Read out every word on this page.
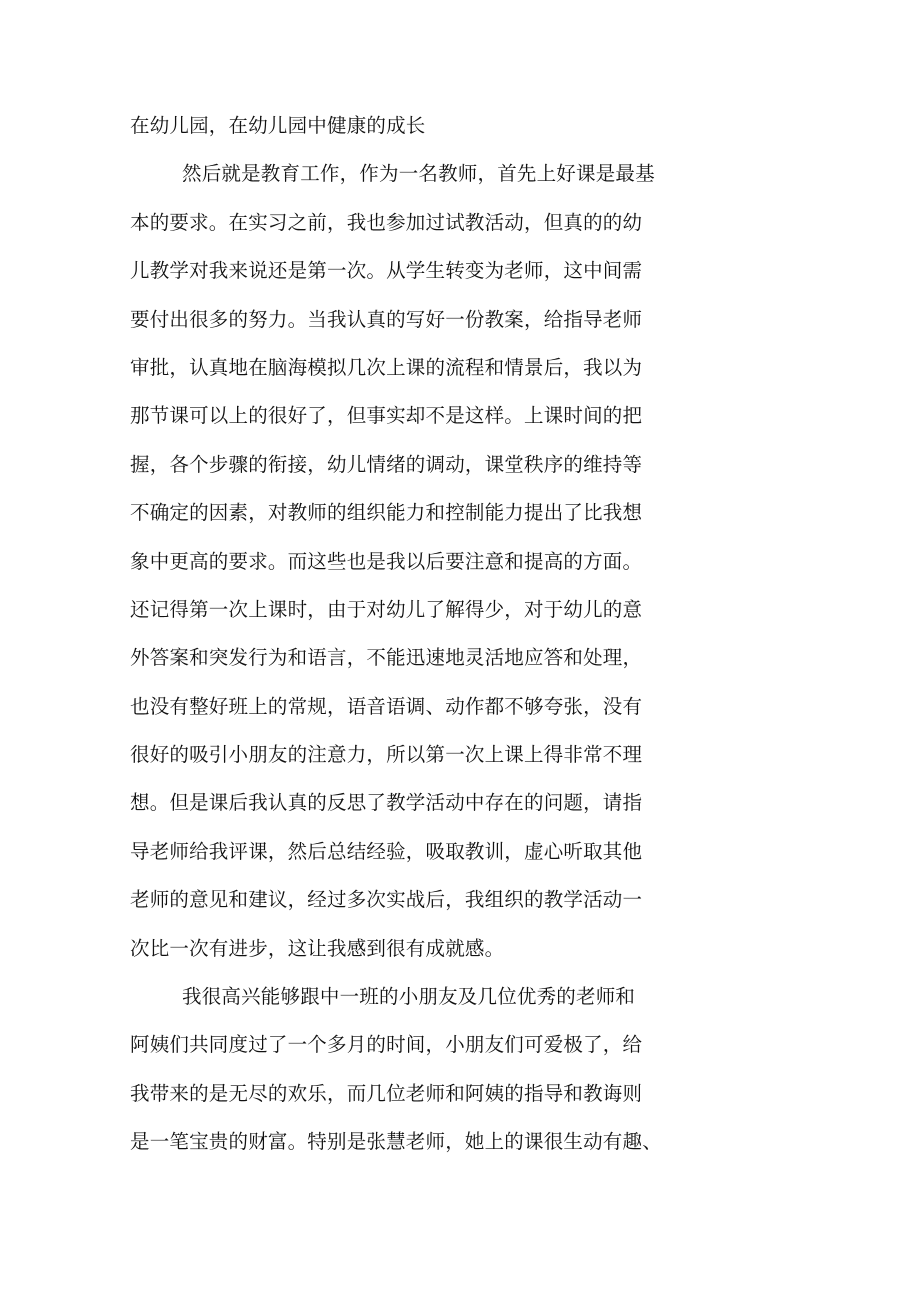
在幼儿园，在幼儿园中健康的成长
然后就是教育工作，作为一名教师，首先上好课是最基
本的要求。在实习之前，我也参加过试教活动，但真的的幼
儿教学对我来说还是第一次。从学生转变为老师，这中间需
要付出很多的努力。当我认真的写好一份教案，给指导老师
审批，认真地在脑海模拟几次上课的流程和情景后，我以为
那节课可以上的很好了，但事实却不是这样。上课时间的把
握，各个步骤的衔接，幼儿情绪的调动，课堂秩序的维持等
不确定的因素，对教师的组织能力和控制能力提出了比我想
象中更高的要求。而这些也是我以后要注意和提高的方面。
还记得第一次上课时，由于对幼儿了解得少，对于幼儿的意
外答案和突发行为和语言，不能迅速地灵活地应答和处理，
也没有整好班上的常规，语音语调、动作都不够夸张，没有
很好的吸引小朋友的注意力，所以第一次上课上得非常不理
想。但是课后我认真的反思了教学活动中存在的问题，请指
导老师给我评课，然后总结经验，吸取教训，虚心听取其他
老师的意见和建议，经过多次实战后，我组织的教学活动一
次比一次有进步，这让我感到很有成就感。
我很高兴能够跟中一班的小朋友及几位优秀的老师和
阿姨们共同度过了一个多月的时间，小朋友们可爱极了，给
我带来的是无尽的欢乐，而几位老师和阿姨的指导和教诲则
是一笔宝贵的财富。特别是张慧老师，她上的课很生动有趣、
